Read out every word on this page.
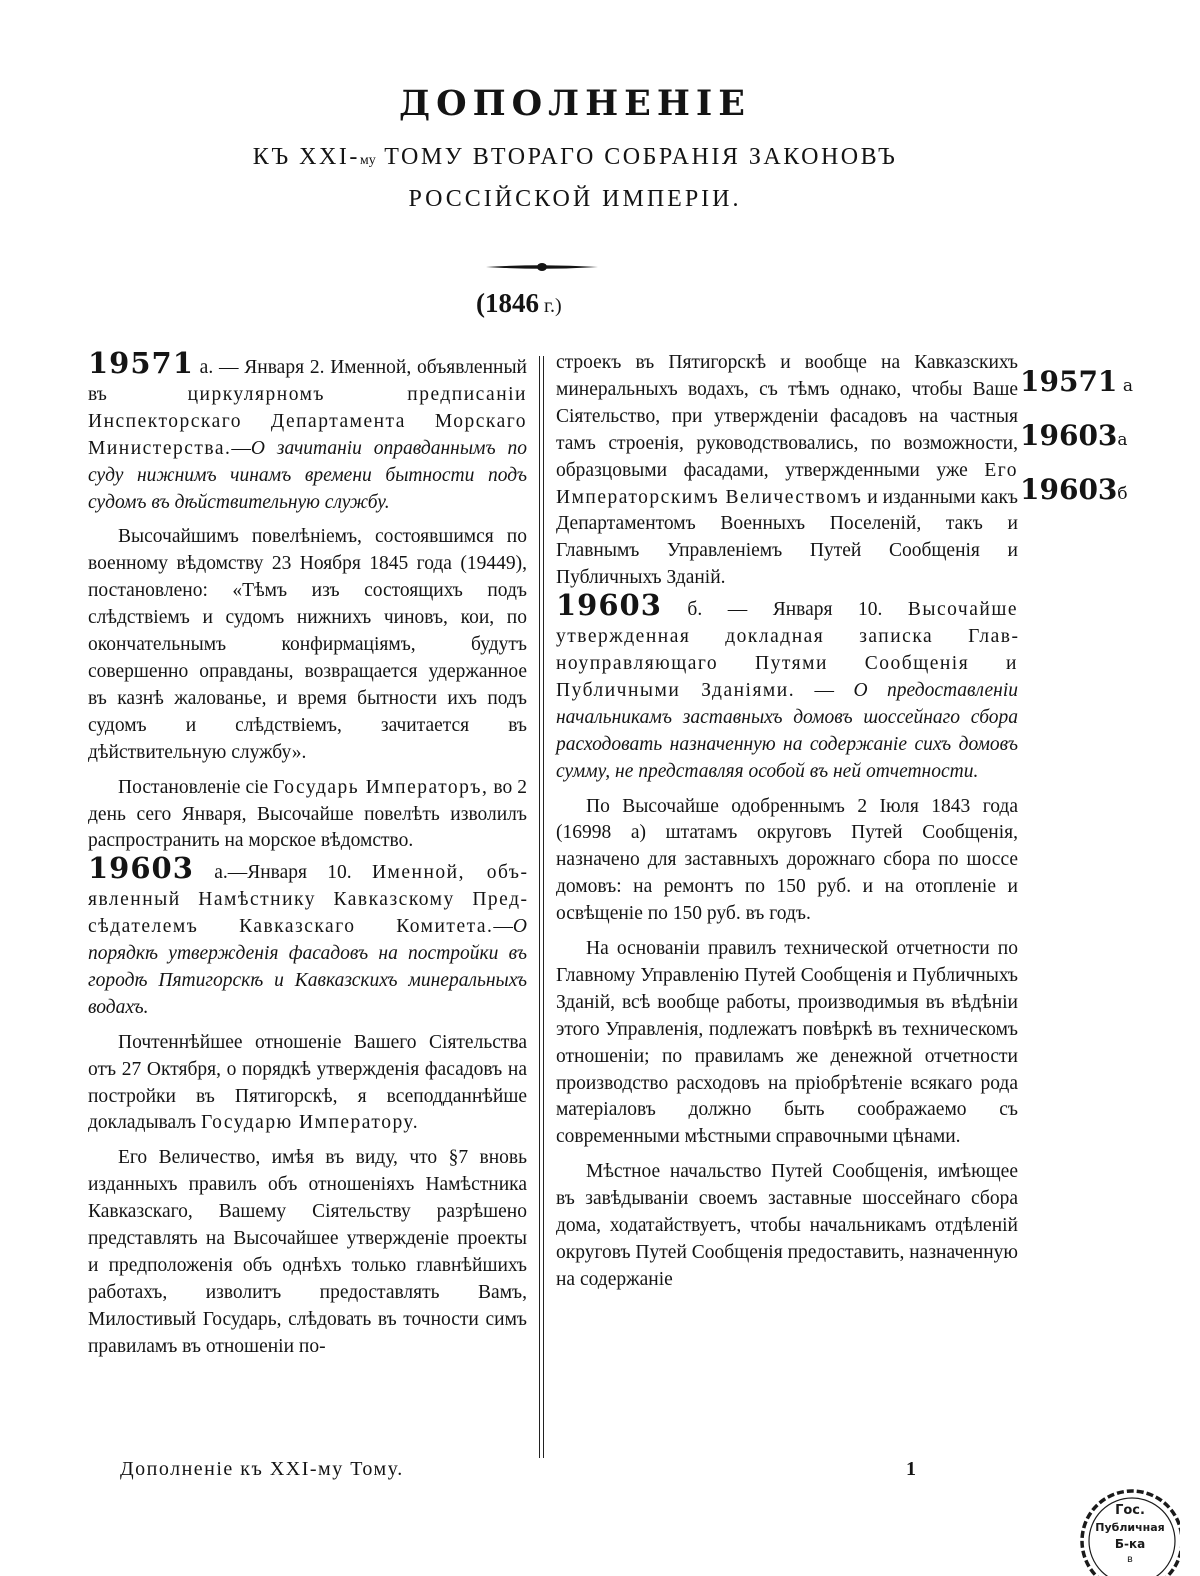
ДОПОЛНЕНІЕ
КЪ XXI-му ТОМУ ВТОРАГО СОБРАНІЯ ЗАКОНОВЪ
РОССІЙСКОЙ ИМПЕРІИ.
(1846 г.)

19571 а. — Января 2. Именной, объявленный въ циркулярномъ предписаніи Инспекторскаго Департамента Морскаго Министерства.—О зачитаніи оправданнымъ по суду нижнимъ чинамъ времени бытности подъ судомъ въ дѣйствительную службу.

Высочайшимъ повелѣніемъ, состоявшимся по военному вѣдомству 23 Ноября 1845 года (19449), постановлено: «Тѣмъ изъ состоящихъ подъ слѣдствіемъ и судомъ нижнихъ чиновъ, кои, по окончательнымъ конфирмаціямъ, будутъ совершенно оправданы, возвращается удержанное въ казнѣ жалованье, и время бытности ихъ подъ судомъ и слѣдствіемъ, зачитается въ дѣйствительную службу».

Постановленіе сіе Государь Императоръ, во 2 день сего Января, Высочайше повелѣть изволилъ распространить на морское вѣдомство.

19603 а.—Января 10. Именной, объявленный Намѣстнику Кавказскому Предсѣдателемъ Кавказскаго Комитета.—О порядкѣ утвержденія фасадовъ на постройки въ городѣ Пятигорскѣ и Кавказскихъ минеральныхъ водахъ.

Почтеннѣйшее отношеніе Вашего Сіятельства отъ 27 Октября, о порядкѣ утвержденія фасадовъ на постройки въ Пятигорскѣ, я всеподданнѣйше докладывалъ Государю Императору.

Его Величество, имѣя въ виду, что §7 вновь изданныхъ правилъ объ отношеніяхъ Намѣстника Кавказскаго, Вашему Сіятельству разрѣшено представлять на Высочайшее утвержденіе проекты и предположенія объ однѣхъ только главнѣйшихъ работахъ, изволитъ предоставлять Вамъ, Милостивый Государь, слѣдовать въ точности симъ правиламъ въ отношеніи по-

строекъ въ Пятигорскѣ и вообще на Кавказскихъ минеральныхъ водахъ, съ тѣмъ однако, чтобы Ваше Сіятельство, при утвержденіи фасадовъ на частныя тамъ строенія, руководствовались, по возможности, образцовыми фасадами, утвержденными уже Его Императорскимъ Величествомъ и изданными какъ Департаментомъ Военныхъ Поселеній, такъ и Главнымъ Управленіемъ Путей Сообщенія и Публичныхъ Зданій.

19603 б. — Января 10. Высочайше утвержденная докладная записка Главноуправляющаго Путями Сообщенія и Публичными Зданіями. — О предоставленіи начальникамъ заставныхъ домовъ шоссейнаго сбора расходовать назначенную на содержаніе сихъ домовъ сумму, не представляя особой въ ней отчетности.

По Высочайше одобреннымъ 2 Іюля 1843 года (16998 а) штатамъ округовъ Путей Сообщенія, назначено для заставныхъ дорожнаго сбора по шоссе домовъ: на ремонтъ по 150 руб. и на отопленіе и освѣщеніе по 150 руб. въ годъ.

На основаніи правилъ технической отчетности по Главному Управленію Путей Сообщенія и Публичныхъ Зданій, всѣ вообще работы, производимыя въ вѣдѣніи этого Управленія, подлежатъ повѣркѣ въ техническомъ отношеніи; по правиламъ же денежной отчетности производство расходовъ на пріобрѣтеніе всякаго рода матеріаловъ должно быть соображаемо съ современными мѣстными справочными цѣнами.

Мѣстное начальство Путей Сообщенія, имѣющее въ завѣдываніи своемъ заставные шоссейнаго сбора дома, ходатайствуетъ, чтобы начальникамъ отдѣленій округовъ Путей Сообщенія предоставить, назначенную на содержаніе

19571 а
19603а
19603б
Дополненіе къ XXI-му Тому.	1
Гос.
Публичная
Б-ка
в
